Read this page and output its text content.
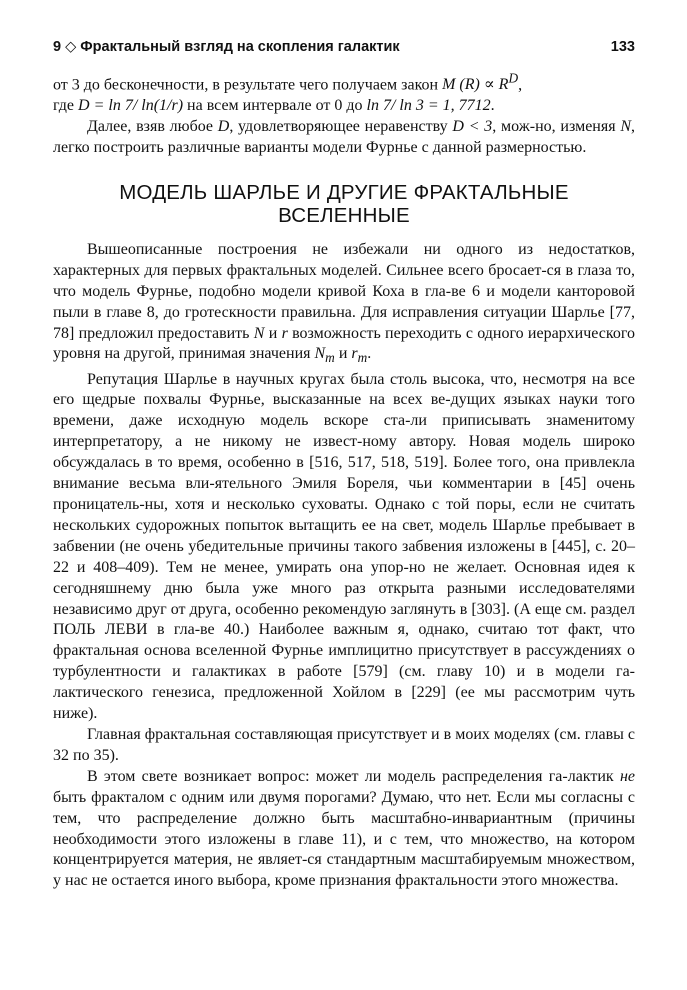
9 ◇ Фрактальный взгляд на скопления галактик	133

от 3 до бесконечности, в результате чего получаем закон M $(R) \propto R^D$,
где D = ln 7/ ln(1/r) на всем интервале от 0 до ln 7/ ln 3 = 1, 7712.

Далее, взяв любое D, удовлетворяющее неравенству D < 3, мож-но, изменяя N, легко построить различные варианты модели Фурнье с данной размерностью.

МОДЕЛЬ ШАРЛЬЕ И ДРУГИЕ ФРАКТАЛЬНЫЕ
ВСЕЛЕННЫЕ

Вышеописанные построения не избежали ни одного из недостатков, характерных для первых фрактальных моделей. Сильнее всего бросает-ся в глаза то, что модель Фурнье, подобно модели кривой Коха в гла-ве 6 и модели канторовой пыли в главе 8, до гротескности правильна. Для исправления ситуации Шарлье [77, 78] предложил предоставить N и r возможность переходить с одного иерархического уровня на другой, принимая значения $N_m$ и $r_m$.

Репутация Шарлье в научных кругах была столь высока, что, несмотря на все его щедрые похвалы Фурнье, высказанные на всех ве-дущих языках науки того времени, даже исходную модель вскоре ста-ли приписывать знаменитому интерпретатору, а не никому не извест-ному автору. Новая модель широко обсуждалась в то время, особенно в [516, 517, 518, 519]. Более того, она привлекла внимание весьма вли-ятельного Эмиля Бореля, чьи комментарии в [45] очень проницатель-ны, хотя и несколько суховаты. Однако с той поры, если не считать нескольких судорожных попыток вытащить ее на свет, модель Шарлье пребывает в забвении (не очень убедительные причины такого забвения изложены в [445], с. 20–22 и 408–409). Тем не менее, умирать она упор-но не желает. Основная идея к сегодняшнему дню была уже много раз открыта разными исследователями независимо друг от друга, особенно рекомендую заглянуть в [303]. (А еще см. раздел ПОЛЬ ЛЕВИ в гла-ве 40.) Наиболее важным я, однако, считаю тот факт, что фрактальная основа вселенной Фурнье имплицитно присутствует в рассуждениях о турбулентности и галактиках в работе [579] (см. главу 10) и в модели га-лактического генезиса, предложенной Хойлом в [229] (ее мы рассмотрим чуть ниже).

Главная фрактальная составляющая присутствует и в моих моделях (см. главы с 32 по 35).

В этом свете возникает вопрос: может ли модель распределения га-лактик не быть фракталом с одним или двумя порогами? Думаю, что нет. Если мы согласны с тем, что распределение должно быть масштабно-инвариантным (причины необходимости этого изложены в главе 11), и с тем, что множество, на котором концентрируется материя, не являет-ся стандартным масштабируемым множеством, у нас не остается иного выбора, кроме признания фрактальности этого множества.
